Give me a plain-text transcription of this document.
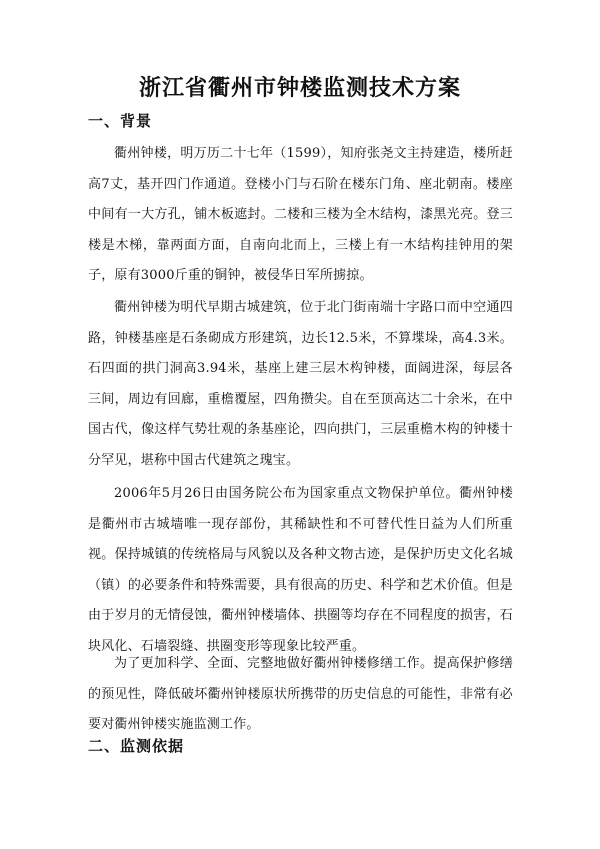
浙江省衢州市钟楼监测技术方案
一、背景

衢州钟楼，明万历二十七年（1599），知府张尧文主持建造，楼所赶高7丈，基开四门作通道。登楼小门与石阶在楼东门角、座北朝南。楼座中间有一大方孔，铺木板遮封。二楼和三楼为全木结构，漆黑光亮。登三楼是木梯，靠两面方面，自南向北而上，三楼上有一木结构挂钟用的架子，原有3000斤重的铜钟，被侵华日军所掳掠。

衢州钟楼为明代早期古城建筑，位于北门街南端十字路口而中空通四路，钟楼基座是石条砌成方形建筑，边长12.5米，不算堞垛，高4.3米。石四面的拱门洞高3.94米，基座上建三层木构钟楼，面阔进深，每层各三间，周边有回廊，重檐覆屋，四角攒尖。自在至顶高达二十余米，在中国古代，像这样气势壮观的条基座论，四向拱门，三层重檐木构的钟楼十分罕见，堪称中国古代建筑之瑰宝。

2006年5月26日由国务院公布为国家重点文物保护单位。衢州钟楼是衢州市古城墙唯一现存部份，其稀缺性和不可替代性日益为人们所重视。保持城镇的传统格局与风貌以及各种文物古迹，是保护历史文化名城（镇）的必要条件和特殊需要，具有很高的历史、科学和艺术价值。但是由于岁月的无情侵蚀，衢州钟楼墙体、拱圈等均存在不同程度的损害，石块风化、石墙裂缝、拱圈变形等现象比较严重。

为了更加科学、全面、完整地做好衢州钟楼修缮工作。提高保护修缮的预见性，降低破坏衢州钟楼原状所携带的历史信息的可能性，非常有必要对衢州钟楼实施监测工作。

二、监测依据
